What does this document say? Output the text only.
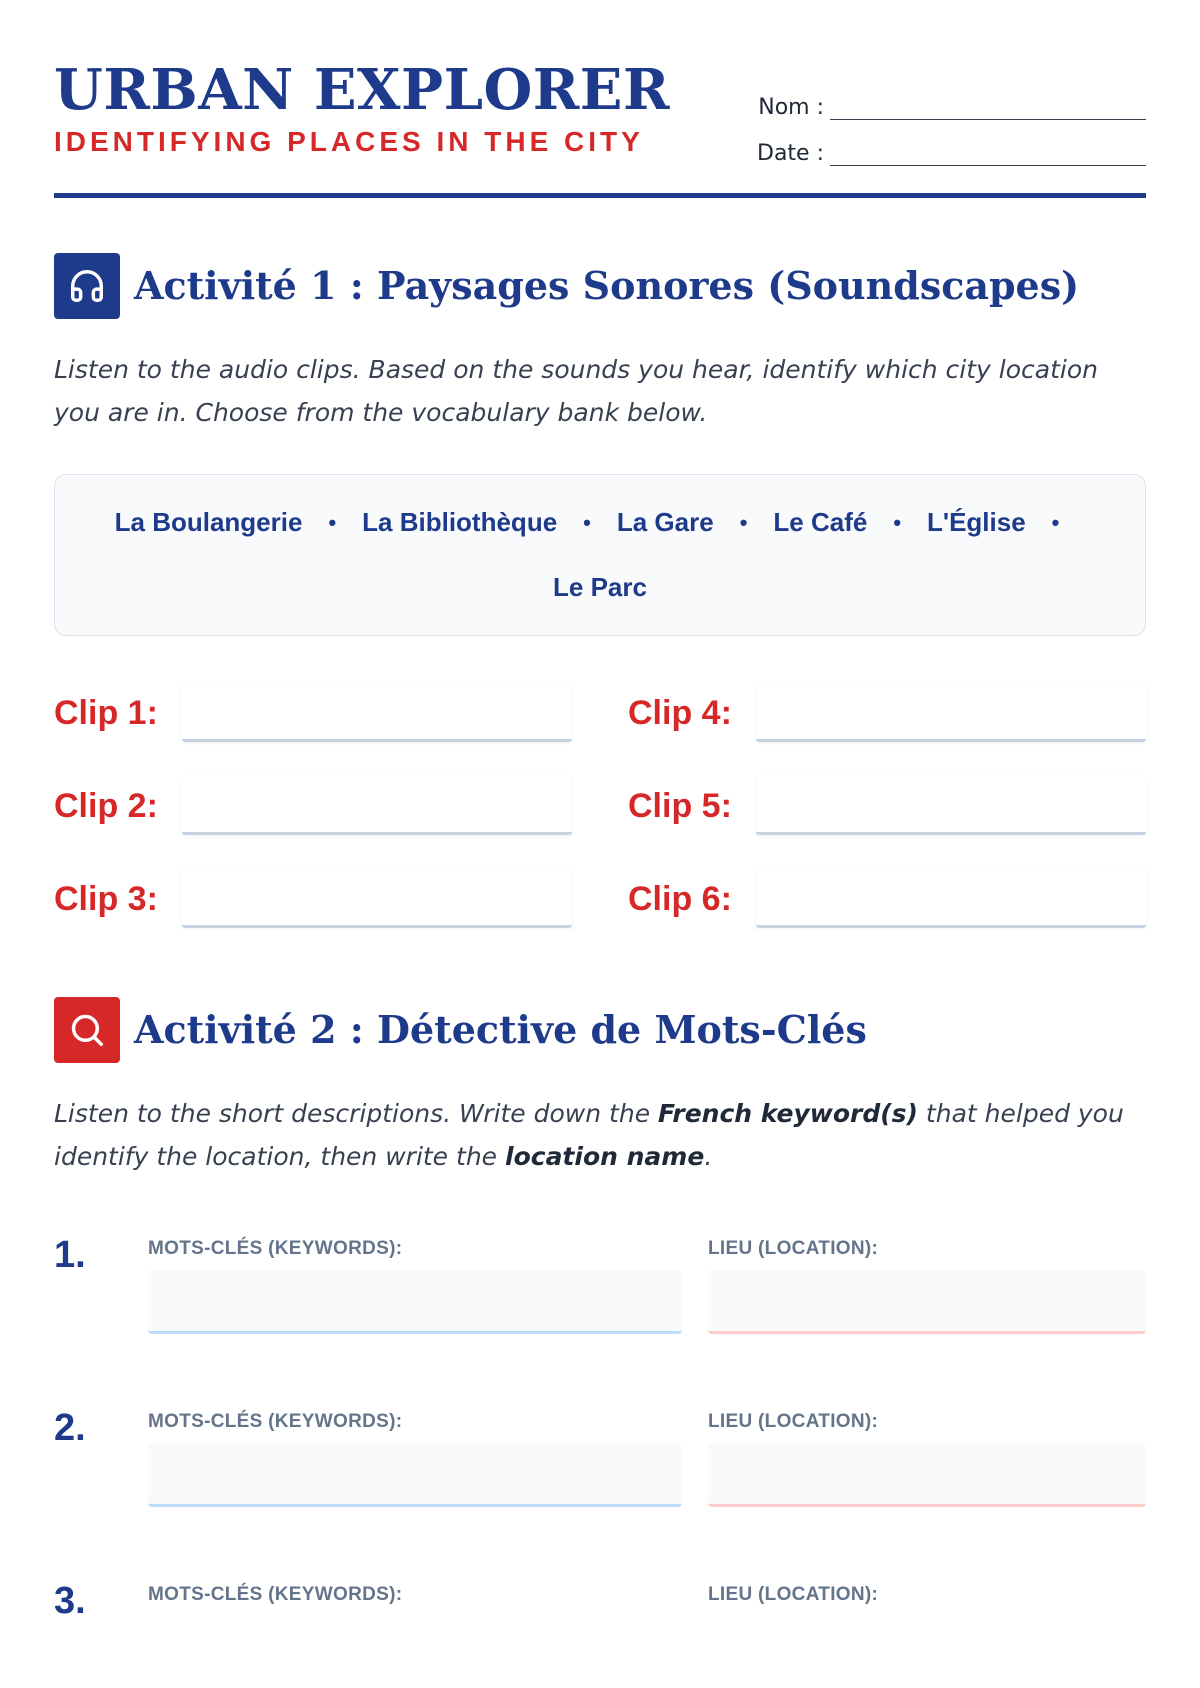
URBAN EXPLORER
IDENTIFYING PLACES IN THE CITY
Nom :
Date :
Activité 1 : Paysages Sonores (Soundscapes)
Listen to the audio clips. Based on the sounds you hear, identify which city location you are in. Choose from the vocabulary bank below.
La Boulangerie • La Bibliothèque • La Gare • Le Café • L'Église •
Le Parc
Clip 1:
Clip 2:
Clip 3:
Clip 4:
Clip 5:
Clip 6:
Activité 2 : Détective de Mots-Clés
Listen to the short descriptions. Write down the French keyword(s) that helped you identify the location, then write the location name.
1.	MOTS-CLÉS (KEYWORDS):	LIEU (LOCATION):
2.	MOTS-CLÉS (KEYWORDS):	LIEU (LOCATION):
3.	MOTS-CLÉS (KEYWORDS):	LIEU (LOCATION):
